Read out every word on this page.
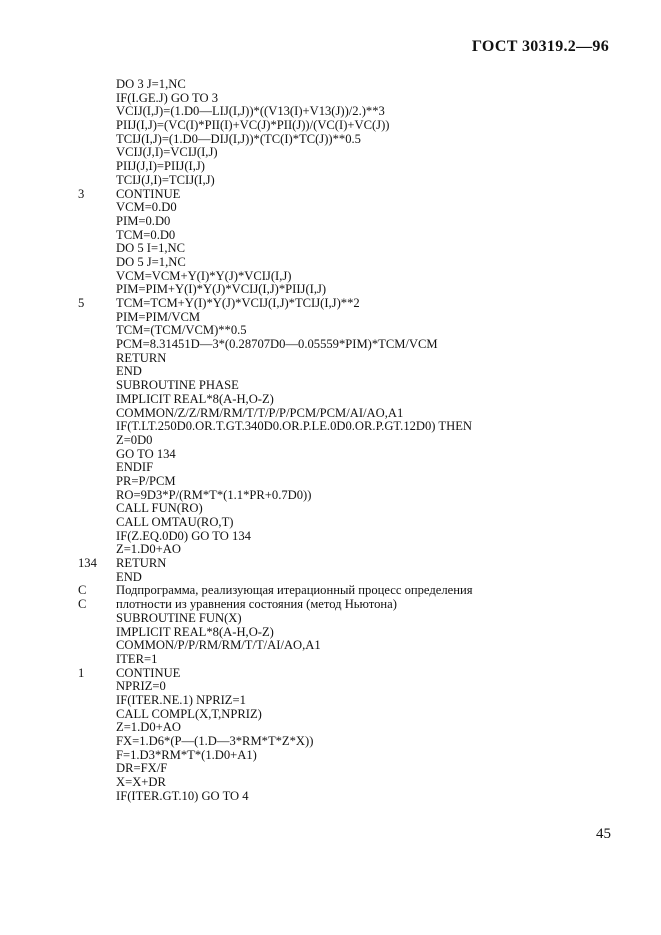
ГОСТ 30319.2—96
DO 3 J=1,NC
IF(I.GE.J) GO TO 3
VCIJ(I,J)=(1.D0—LIJ(I,J))*((V13(I)+V13(J))/2.)**3
PIIJ(I,J)=(VC(I)*PII(I)+VC(J)*PII(J))/(VC(I)+VC(J))
TCIJ(I,J)=(1.D0—DIJ(I,J))*(TC(I)*TC(J))**0.5
VCIJ(J,I)=VCIJ(I,J)
PIIJ(J,I)=PIIJ(I,J)
TCIJ(J,I)=TCIJ(I,J)
3	CONTINUE
VCM=0.D0
PIM=0.D0
TCM=0.D0
DO 5 I=1,NC
DO 5 J=1,NC
VCM=VCM+Y(I)*Y(J)*VCIJ(I,J)
PIM=PIM+Y(I)*Y(J)*VCIJ(I,J)*PIIJ(I,J)
5	TCM=TCM+Y(I)*Y(J)*VCIJ(I,J)*TCIJ(I,J)**2
PIM=PIM/VCM
TCM=(TCM/VCM)**0.5
PCM=8.31451D—3*(0.28707D0—0.05559*PIM)*TCM/VCM
RETURN
END
SUBROUTINE PHASE
IMPLICIT REAL*8(A-H,O-Z)
COMMON/Z/Z/RM/RM/T/T/P/P/PCM/PCM/AI/AO,A1
IF(T.LT.250D0.OR.T.GT.340D0.OR.P.LE.0D0.OR.P.GT.12D0) THEN
Z=0D0
GO TO 134
ENDIF
PR=P/PCM
RO=9D3*P/(RM*T*(1.1*PR+0.7D0))
CALL FUN(RO)
CALL OMTAU(RO,T)
IF(Z.EQ.0D0) GO TO 134
Z=1.D0+AO
134	RETURN
END
C	Подпрограмма, реализующая итерационный процесс определения
C	плотности из уравнения состояния (метод Ньютона)
SUBROUTINE FUN(X)
IMPLICIT REAL*8(A-H,O-Z)
COMMON/P/P/RM/RM/T/T/AI/AO,A1
ITER=1
1	CONTINUE
NPRIZ=0
IF(ITER.NE.1) NPRIZ=1
CALL COMPL(X,T,NPRIZ)
Z=1.D0+AO
FX=1.D6*(P—(1.D—3*RM*T*Z*X))
F=1.D3*RM*T*(1.D0+A1)
DR=FX/F
X=X+DR
IF(ITER.GT.10) GO TO 4
45
